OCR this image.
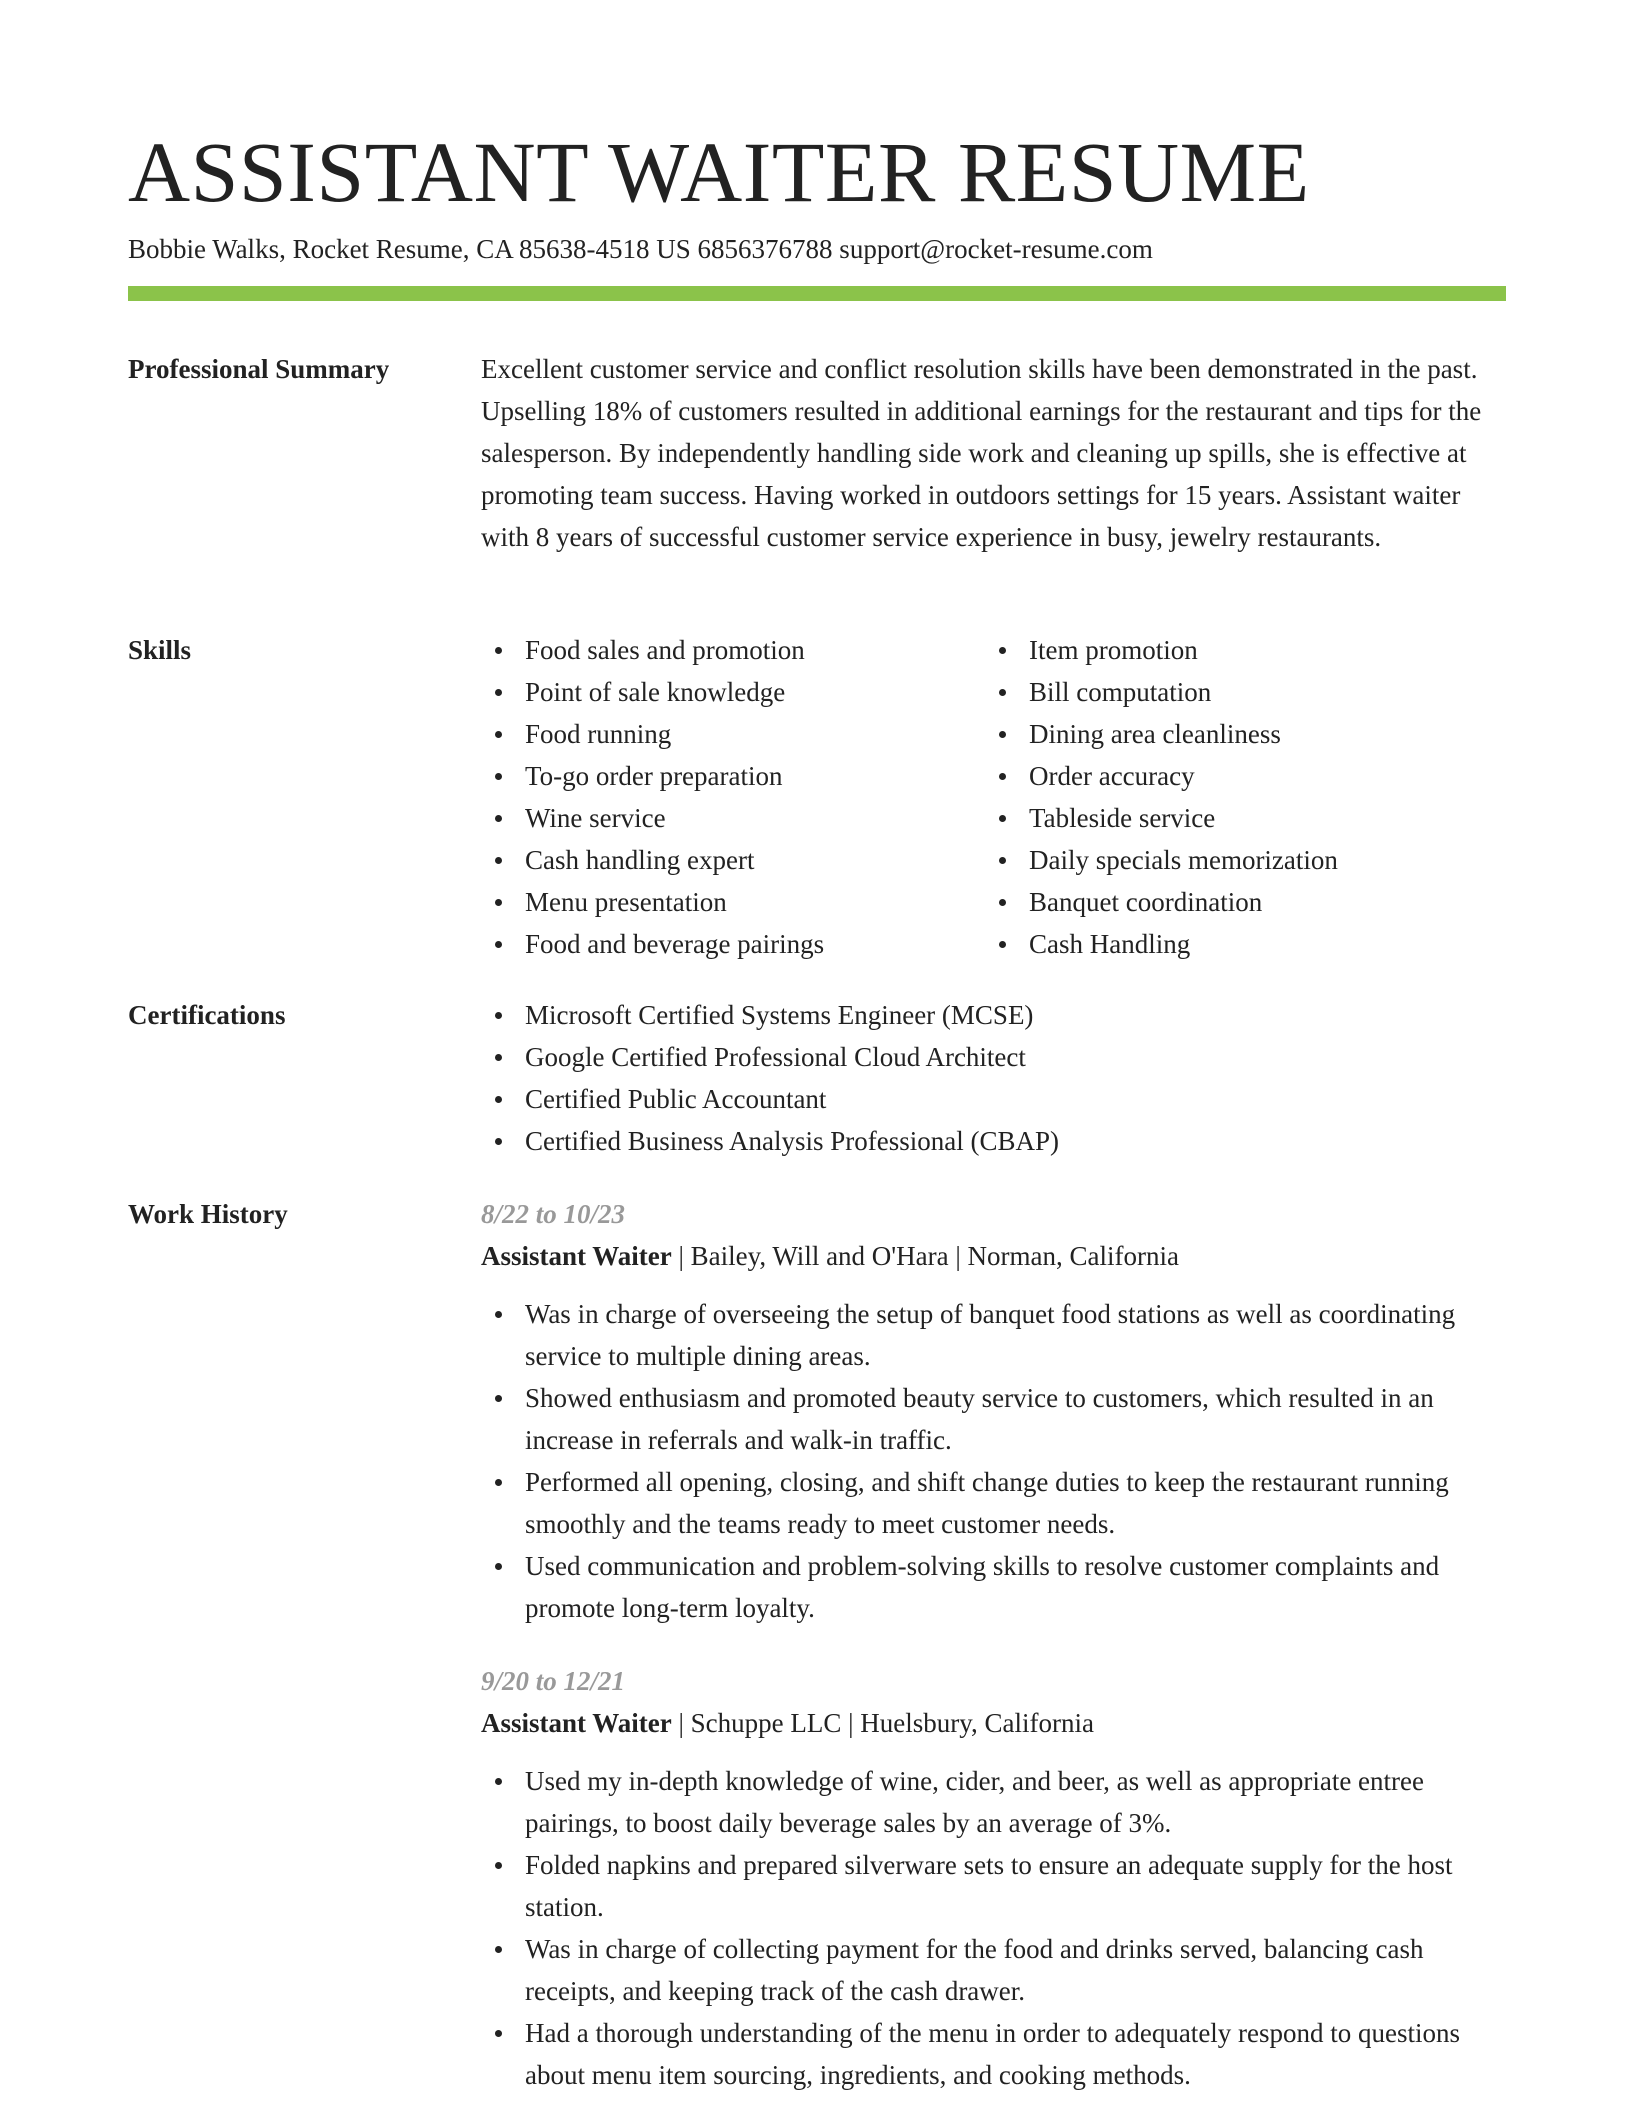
ASSISTANT WAITER RESUME
Bobbie Walks, Rocket Resume, CA 85638-4518 US 6856376788 support@rocket-resume.com
Professional Summary	Excellent customer service and conflict resolution skills have been demonstrated in the past. Upselling 18% of customers resulted in additional earnings for the restaurant and tips for the salesperson. By independently handling side work and cleaning up spills, she is effective at promoting team success. Having worked in outdoors settings for 15 years. Assistant waiter with 8 years of successful customer service experience in busy, jewelry restaurants.

Skills	Food sales and promotion
Point of sale knowledge
Food running
To-go order preparation
Wine service
Cash handling expert
Menu presentation
Food and beverage pairings
Item promotion
Bill computation
Dining area cleanliness
Order accuracy
Tableside service
Daily specials memorization
Banquet coordination
Cash Handling
Certifications	Microsoft Certified Systems Engineer (MCSE)
Google Certified Professional Cloud Architect
Certified Public Accountant
Certified Business Analysis Professional (CBAP)
Work History	8/22 to 10/23
Assistant Waiter | Bailey, Will and O'Hara | Norman, California
Was in charge of overseeing the setup of banquet food stations as well as coordinating service to multiple dining areas.
Showed enthusiasm and promoted beauty service to customers, which resulted in an increase in referrals and walk-in traffic.
Performed all opening, closing, and shift change duties to keep the restaurant running smoothly and the teams ready to meet customer needs.
Used communication and problem-solving skills to resolve customer complaints and promote long-term loyalty.
9/20 to 12/21
Assistant Waiter | Schuppe LLC | Huelsbury, California
Used my in-depth knowledge of wine, cider, and beer, as well as appropriate entree pairings, to boost daily beverage sales by an average of 3%.
Folded napkins and prepared silverware sets to ensure an adequate supply for the host station.
Was in charge of collecting payment for the food and drinks served, balancing cash receipts, and keeping track of the cash drawer.
Had a thorough understanding of the menu in order to adequately respond to questions about menu item sourcing, ingredients, and cooking methods.
